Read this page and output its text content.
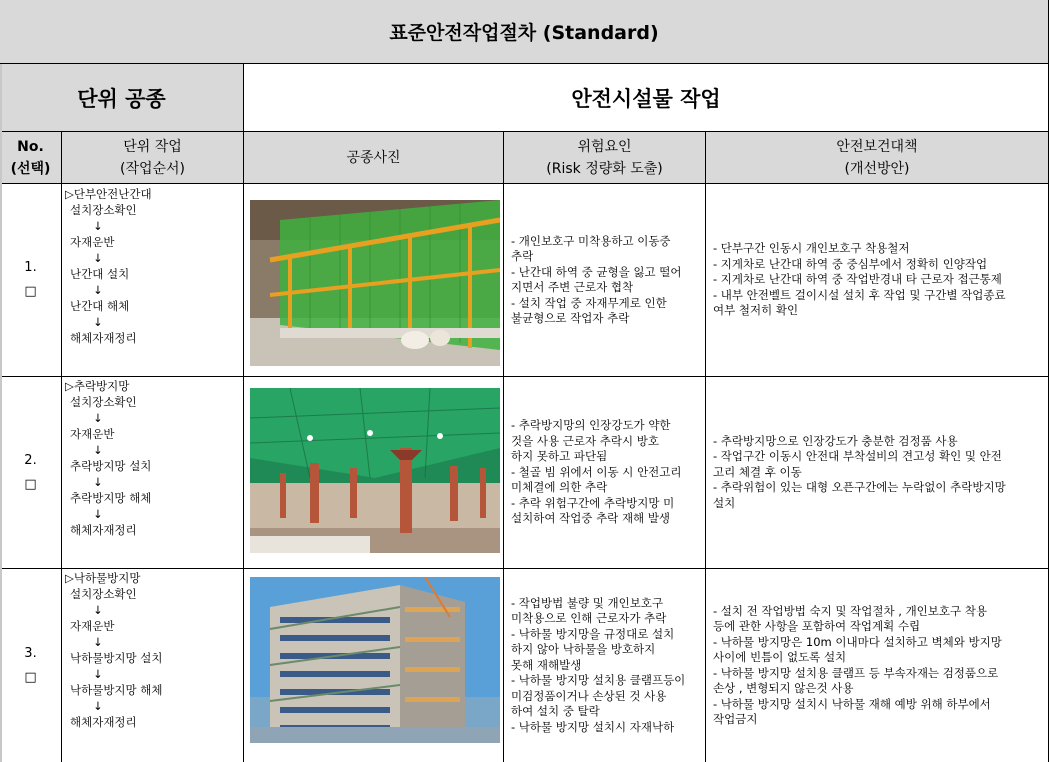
표준안전작업절차 (Standard)
단위 공종	안전시설물 작업
No.
(선택)
단위 작업
(작업순서)
공종사진
위험요인
(Risk 정량화 도출)
안전보건대책
(개선방안)
1.
□
▷단부안전난간대
설치장소확인
↓
자재운반
↓
난간대 설치
↓
난간대 해체
↓
해체자재정리
- 개인보호구 미착용하고 이동중
추락
- 난간대 하역 중 균형을 잃고 떨어
지면서 주변 근로자 협착
- 설치 작업 중 자재무게로 인한
불균형으로 작업자 추락
- 단부구간 인동시 개인보호구 착용철저
- 지게차로 난간대 하역 중 중심부에서 정확히 인양작업
- 지게차로 난간대 하역 중 작업반경내 타 근로자 접근통제
- 내부 안전벨트 걸이시설 설치 후 작업 및 구간별 작업종료
여부 철저히 확인
2.
□
▷추락방지망
설치장소확인
↓
자재운반
↓
추락방지망 설치
↓
추락방지망 해체
↓
해체자재정리
- 추락방지망의 인장강도가 약한
것을 사용 근로자 추락시 방호
하지 못하고 파단됨
- 철골 빔 위에서 이동 시 안전고리
미체결에 의한 추락
- 추락 위험구간에 추락방지망 미
설치하여 작업중 추락 재해 발생
- 추락방지망으로 인장강도가 충분한 검정품 사용
- 작업구간 이동시 안전대 부착설비의 견고성 확인 및 안전
고리 체결 후 이동
- 추락위험이 있는 대형 오픈구간에는 누락없이 추락방지망
설치
3.
□
▷낙하물방지망
설치장소확인
↓
자재운반
↓
낙하물방지망 설치
↓
낙하물방지망 해체
↓
해체자재정리
- 작업방법 불량 및 개인보호구
미착용으로 인해 근로자가 추락
- 낙하물 방지망을 규정대로 설치
하지 않아 낙하물을 방호하지
못해 재해발생
- 낙하물 방지망 설치용 클램프등이
미검정품이거나 손상된 것 사용
하여 설치 중 탈락
- 낙하물 방지망 설치시 자재낙하
- 설치 전 작업방법 숙지 및 작업절차 , 개인보호구 착용
등에 관한 사항을 포함하여 작업계획 수립
- 낙하물 방지망은 10m 이내마다 설치하고 벽체와 방지망
사이에 빈틈이 없도록 설치
- 낙하물 방지망 설치용 클램프 등 부속자재는 검정품으로
손상 , 변형되지 않은것 사용
- 낙하물 방지망 설치시 낙하물 재해 예방 위해 하부에서
작업금지
